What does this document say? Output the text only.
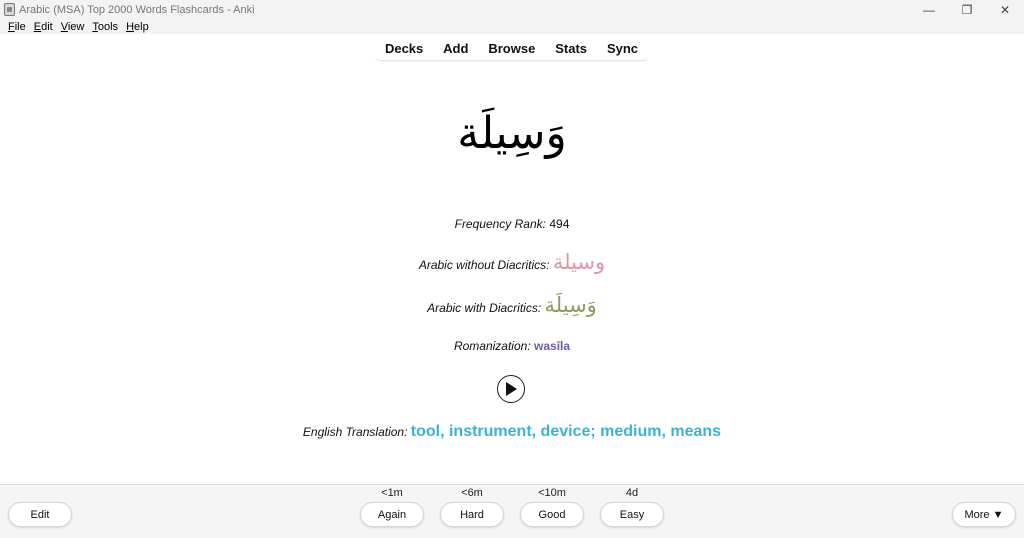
Arabic (MSA) Top 2000 Words Flashcards - Anki	—	❐	✕
File Edit View Tools Help
Decks Add Browse Stats Sync
وَسِيلَة
Frequency Rank: 494
Arabic without Diacritics: وسيلة
Arabic with Diacritics: وَسِيلَة
Romanization: wasīla
English Translation: tool, instrument, device; medium, means
Edit
<1m
Again
<6m
Hard
<10m
Good
4d
Easy	More ▼
